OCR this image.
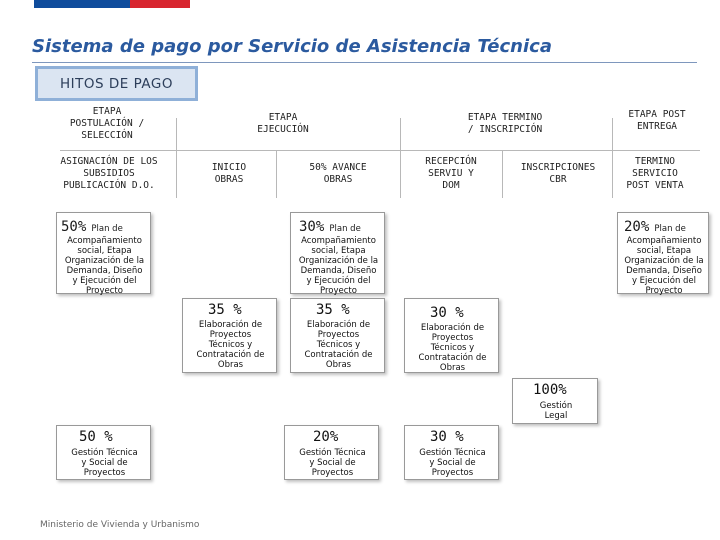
Sistema de pago por Servicio de Asistencia Técnica
HITOS DE PAGO
ETAPA
POSTULACIÓN /
SELECCIÓN
ETAPA
EJECUCIÓN
ETAPA TERMINO
/ INSCRIPCIÓN
ETAPA POST
ENTREGA
ASIGNACIÓN DE LOS
SUBSIDIOS
PUBLICACIÓN D.O.
INICIO
OBRAS
50% AVANCE
OBRAS
RECEPCIÓN
SERVIU Y
DOM
INSCRIPCIONES
CBR
TERMINO
SERVICIO
POST VENTA
50% Plan de
Acompañamiento
social, Etapa
Organización de la
Demanda, Diseño
y Ejecución del
Proyecto
30% Plan de
Acompañamiento
social, Etapa
Organización de la
Demanda, Diseño
y Ejecución del
Proyecto
20% Plan de
Acompañamiento
social, Etapa
Organización de la
Demanda, Diseño
y Ejecución del
Proyecto
35 %
Elaboración de
Proyectos
Técnicos y
Contratación de
Obras
35 %
Elaboración de
Proyectos
Técnicos y
Contratación de
Obras
30 %
Elaboración de
Proyectos
Técnicos y
Contratación de
Obras
100%
Gestión
Legal
50 %
Gestión Técnica
y Social de
Proyectos
20%
Gestión Técnica
y Social de
Proyectos
30 %
Gestión Técnica
y Social de
Proyectos
Ministerio de Vivienda y Urbanismo
